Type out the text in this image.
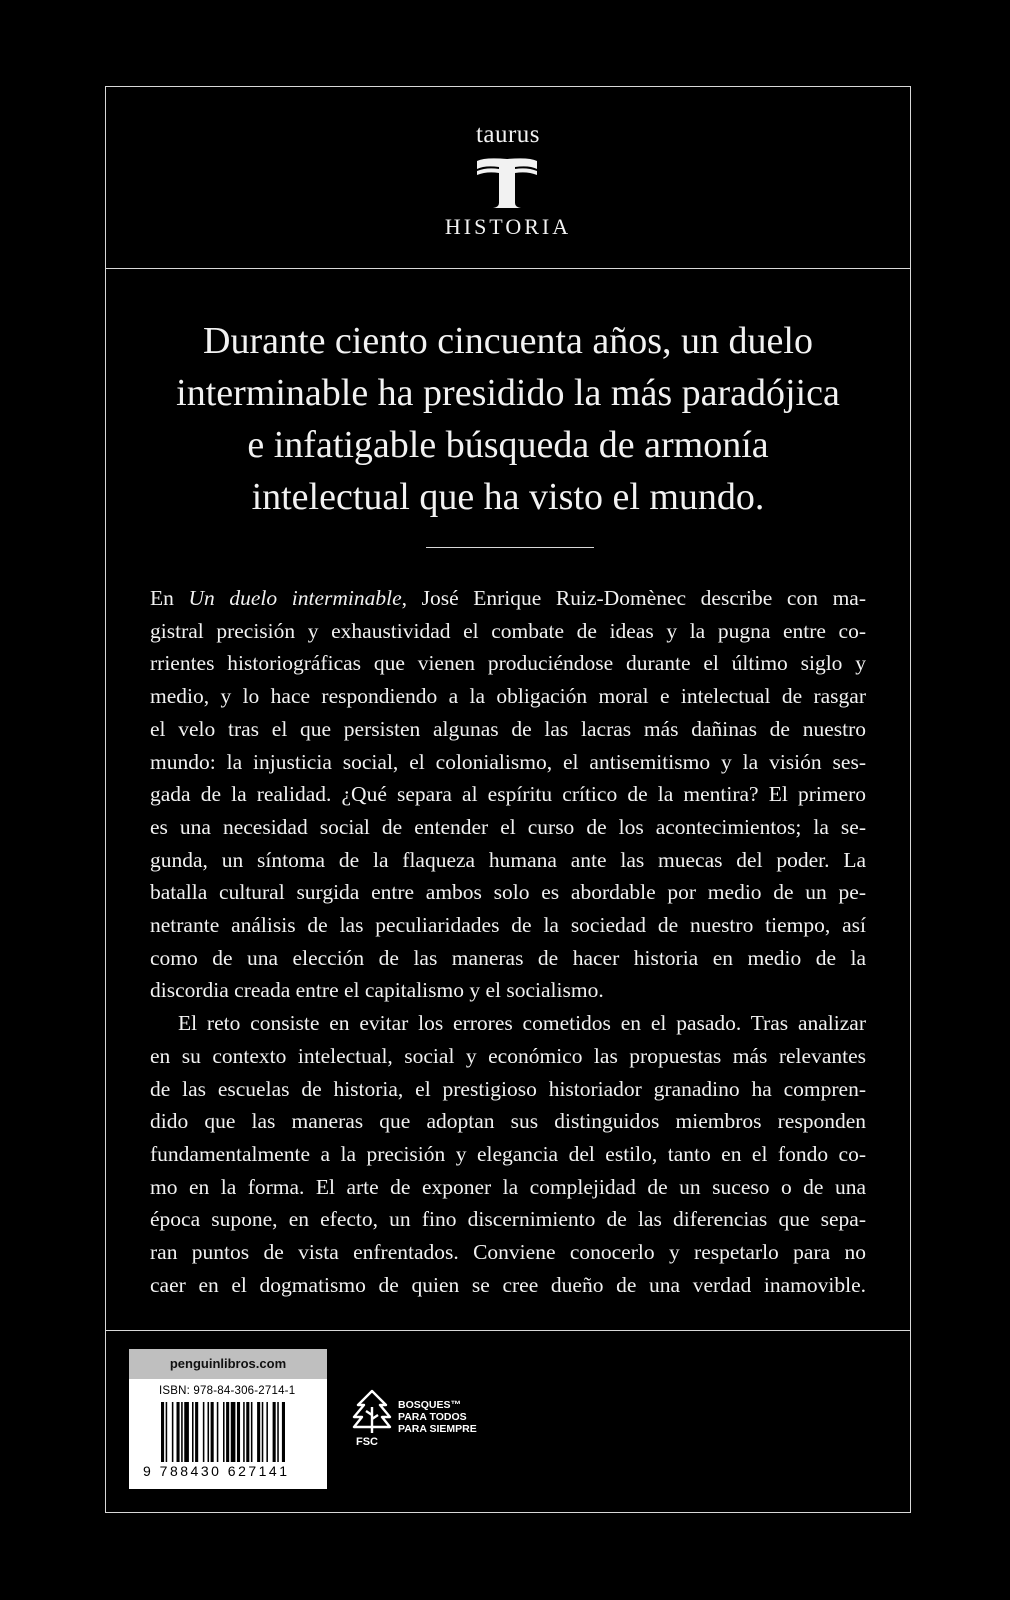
taurus
HISTORIA
Durante ciento cincuenta años, un duelo
interminable ha presidido la más paradójica
e infatigable búsqueda de armonía
intelectual que ha visto el mundo.
En Un duelo interminable, José Enrique Ruiz-Domènec describe con ma-
gistral precisión y exhaustividad el combate de ideas y la pugna entre co-
rrientes historiográficas que vienen produciéndose durante el último siglo y
medio, y lo hace respondiendo a la obligación moral e intelectual de rasgar
el velo tras el que persisten algunas de las lacras más dañinas de nuestro
mundo: la injusticia social, el colonialismo, el antisemitismo y la visión ses-
gada de la realidad. ¿Qué separa al espíritu crítico de la mentira? El primero
es una necesidad social de entender el curso de los acontecimientos; la se-
gunda, un síntoma de la flaqueza humana ante las muecas del poder. La
batalla cultural surgida entre ambos solo es abordable por medio de un pe-
netrante análisis de las peculiaridades de la sociedad de nuestro tiempo, así
como de una elección de las maneras de hacer historia en medio de la
discordia creada entre el capitalismo y el socialismo.
El reto consiste en evitar los errores cometidos en el pasado. Tras analizar
en su contexto intelectual, social y económico las propuestas más relevantes
de las escuelas de historia, el prestigioso historiador granadino ha compren-
dido que las maneras que adoptan sus distinguidos miembros responden
fundamentalmente a la precisión y elegancia del estilo, tanto en el fondo co-
mo en la forma. El arte de exponer la complejidad de un suceso o de una
época supone, en efecto, un fino discernimiento de las diferencias que sepa-
ran puntos de vista enfrentados. Conviene conocerlo y respetarlo para no
caer en el dogmatismo de quien se cree dueño de una verdad inamovible.
penguinlibros.com
ISBN: 978-84-306-2714-1
9 788430 627141
FSC
BOSQUES™
PARA TODOS
PARA SIEMPRE
